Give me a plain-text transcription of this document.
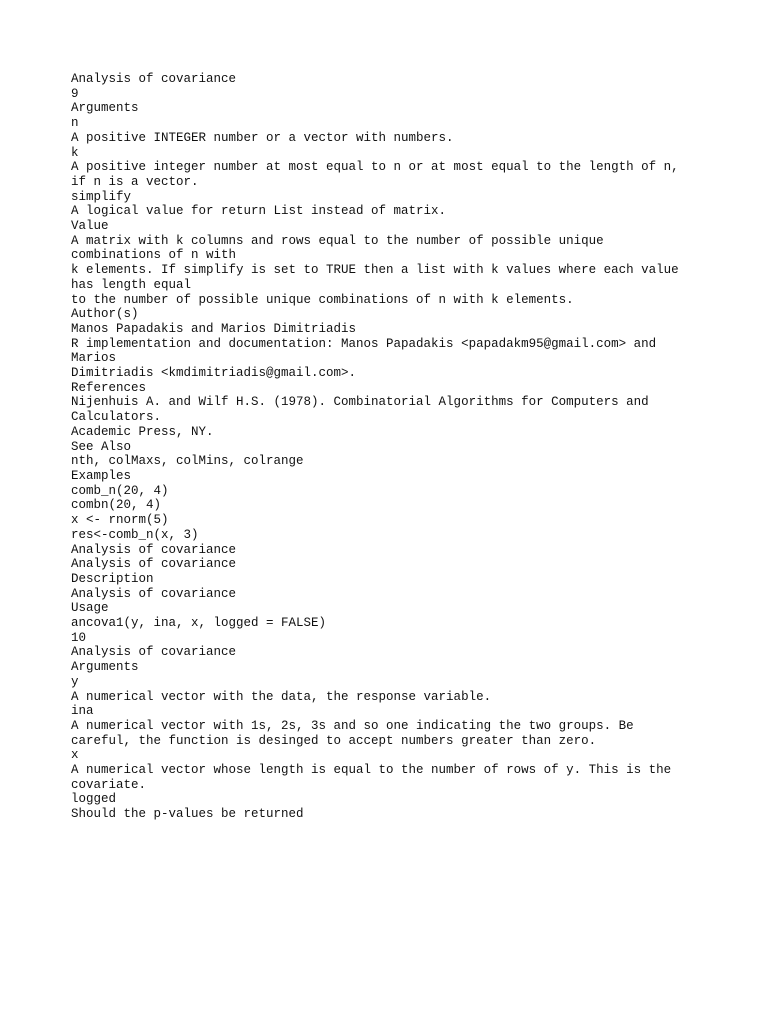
Analysis of covariance
9
Arguments
n
A positive INTEGER number or a vector with numbers.
k
A positive integer number at most equal to n or at most equal to the length of n,
if n is a vector.
simplify
A logical value for return List instead of matrix.
Value
A matrix with k columns and rows equal to the number of possible unique
combinations of n with
k elements. If simplify is set to TRUE then a list with k values where each value
has length equal
to the number of possible unique combinations of n with k elements.
Author(s)
Manos Papadakis and Marios Dimitriadis
R implementation and documentation: Manos Papadakis <papadakm95@gmail.com> and
Marios
Dimitriadis <kmdimitriadis@gmail.com>.
References
Nijenhuis A. and Wilf H.S. (1978). Combinatorial Algorithms for Computers and
Calculators.
Academic Press, NY.
See Also
nth, colMaxs, colMins, colrange
Examples
comb_n(20, 4)
combn(20, 4)
x <- rnorm(5)
res<-comb_n(x, 3)
Analysis of covariance
Analysis of covariance
Description
Analysis of covariance
Usage
ancova1(y, ina, x, logged = FALSE)
10
Analysis of covariance
Arguments
y
A numerical vector with the data, the response variable.
ina
A numerical vector with 1s, 2s, 3s and so one indicating the two groups. Be
careful, the function is desinged to accept numbers greater than zero.
x
A numerical vector whose length is equal to the number of rows of y. This is the
covariate.
logged
Should the p-values be returned
